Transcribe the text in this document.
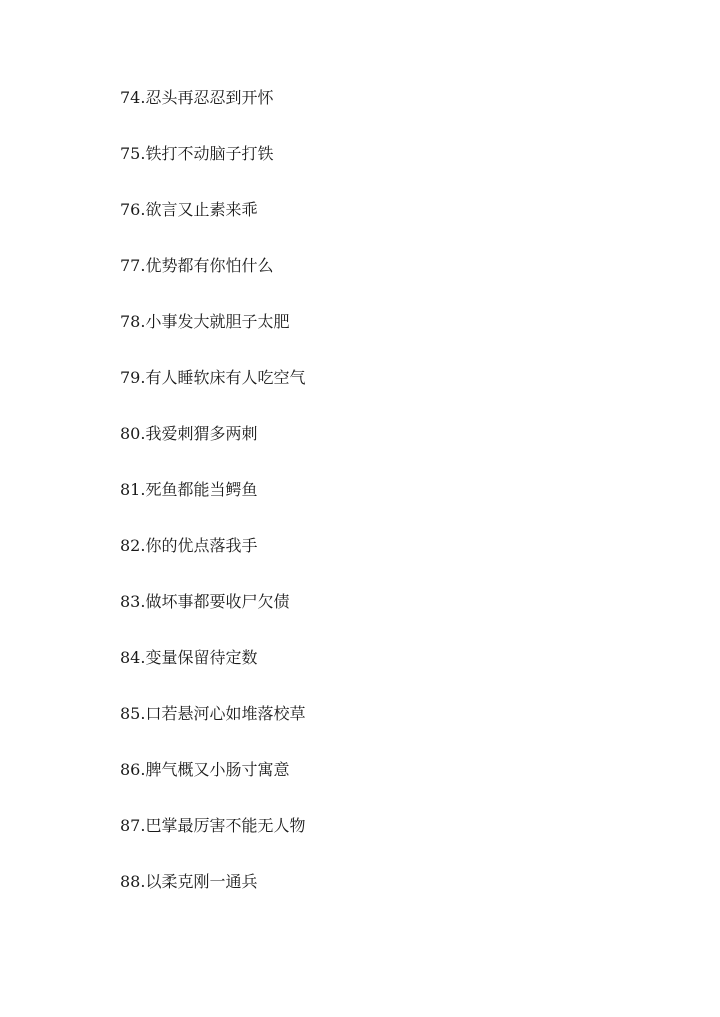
74.忍头再忍忍到开怀
75.铁打不动脑子打铁
76.欲言又止素来乖
77.优势都有你怕什么
78.小事发大就胆子太肥
79.有人睡软床有人吃空气
80.我爱刺猬多两刺
81.死鱼都能当鳄鱼
82.你的优点落我手
83.做坏事都要收尸欠债
84.变量保留待定数
85.口若悬河心如堆落校草
86.脾气概又小肠寸寓意
87.巴掌最厉害不能无人物
88.以柔克刚一通兵
